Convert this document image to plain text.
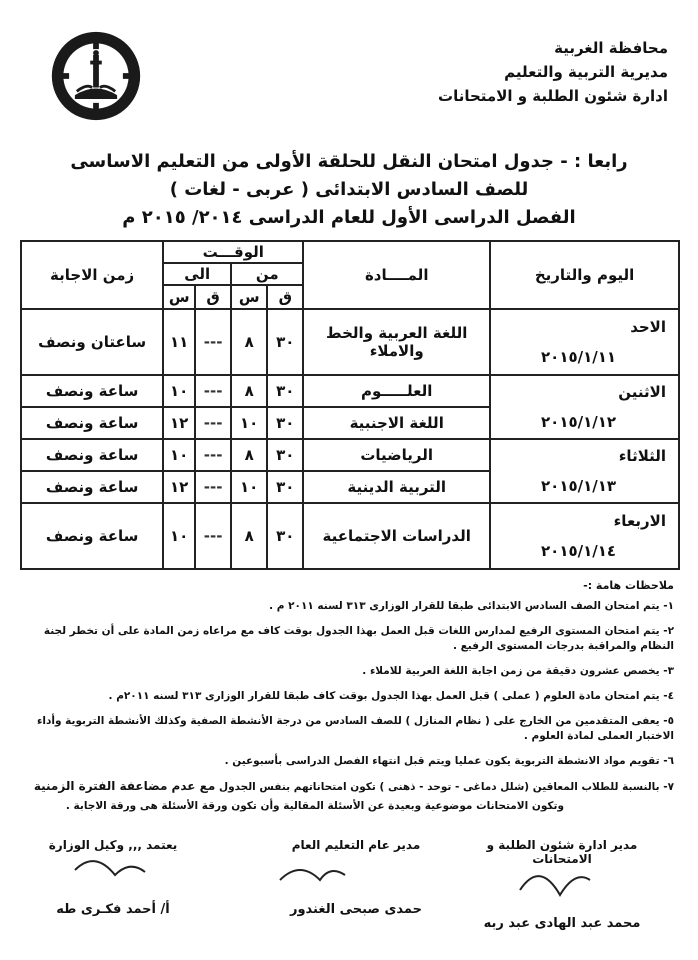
محافظة الغربية
مديرية التربية والتعليم
ادارة شئون الطلبة و الامتحانات
رابعا : - جدول امتحان النقل للحلقة الأولى من التعليم الاساسى
للصف السادس الابتدائى ( عربى - لغات )
الفصل الدراسى الأول للعام الدراسى ٢٠١٤/ ٢٠١٥ م
اليوم والتاريخ	المــــادة	الوقـــت				زمن الاجابة
		من		الى		
		ق	س	ق	س	

الاحد
٢٠١٥/١/١١	اللغة العربية والخط والاملاء	٣٠	٨	---	١١	ساعتان ونصف

الاثنين
٢٠١٥/١/١٢	العلـــــوم	٣٠	٨	---	١٠	ساعة ونصف
	اللغة الاجنبية	٣٠	١٠	---	١٢	ساعة ونصف

الثلاثاء
٢٠١٥/١/١٣	الرياضيات	٣٠	٨	---	١٠	ساعة ونصف
	التربية الدينية	٣٠	١٠	---	١٢	ساعة ونصف

الاربعاء
٢٠١٥/١/١٤	الدراسات الاجتماعية	٣٠	٨	---	١٠	ساعة ونصف
ملاحظات هامة :-
١- يتم امتحان الصف السادس الابتدائى طبقا للقرار الوزارى ٣١٣ لسنه ٢٠١١ م .
٢- يتم امتحان المستوى الرفيع لمدارس اللغات قبل العمل بهذا الجدول بوقت كاف مع مراعاه زمن المادة على أن تخطر لجنة النظام والمراقبة بدرجات المستوى الرفيع .
٣- يخصص عشرون دقيقة من زمن اجابة اللغة العربية للاملاء .
٤- يتم امتحان مادة العلوم ( عملى ) قبل العمل بهذا الجدول بوقت كاف طبقا للقرار الوزارى ٣١٣ لسنه ٢٠١١م .
٥- يعفى المتقدمين من الخارج على ( نظام المنازل ) للصف السادس من درجة الأنشطة الصفية وكذلك الأنشطة التربوية وأداء الاختبار العملى لمادة العلوم .
٦- تقويم مواد الانشطة التربوية يكون عمليا ويتم قبل انتهاء الفصل الدراسى بأسبوعين .
٧- بالنسبة للطلاب المعاقين (شلل دماغى - توحد - ذهنى ) تكون امتحاناتهم بنفس الجدول مع عدم مضاعفة الفترة الزمنية
وتكون الامتحانات موضوعية وبعيدة عن الأسئلة المقالية وأن تكون ورقة الأسئلة هى ورقة الاجابة .
مدير ادارة شئون الطلبة و الامتحانات
محمد عبد الهادى عبد ربه
مدير عام التعليم العام
حمدى صبحى الغندور
يعتمد ,,, وكيل الوزارة
أ/ أحمد فكـرى طه
